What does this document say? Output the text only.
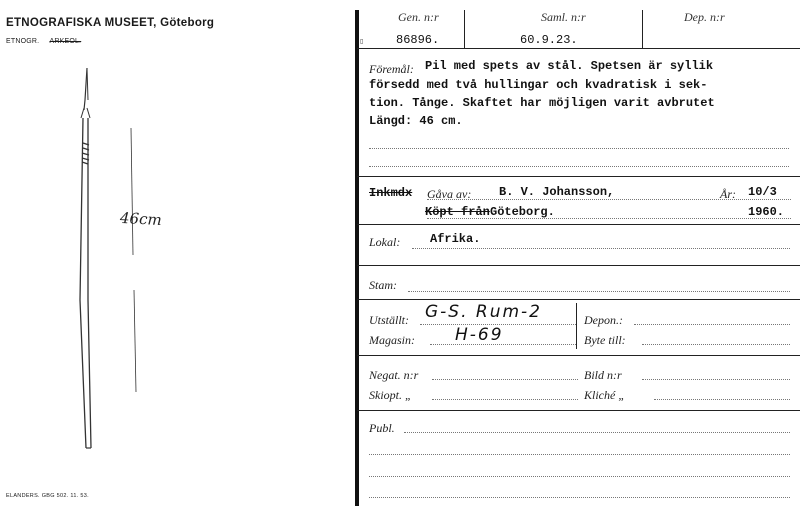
ETNOGRAFISKA MUSEET, Göteborg
ETNOGR. ARKEOL.
46cm
ELANDERS. GBG 502. 11. 53.
Gen. n:r	Saml. n:r	Dep. n:r
86896.	60.9.23.
▯
Föremål: Pil med spets av stål. Spetsen är syllik
försedd med två hullingar och kvadratisk i sek-
tion. Tånge. Skaftet har möjligen varit avbrutet
Längd: 46 cm.
Inkmdx Gåva av: B. V. Johansson,	År: 10/3
Köpt från Göteborg.	1960.
Lokal: Afrika.
Stam:
Utställt: G-S. Rum-2	Depon.:
Magasin: H-69	Byte till:
Negat. n:r	Bild n:r
Skiopt. „	Kliché „
Publ.
